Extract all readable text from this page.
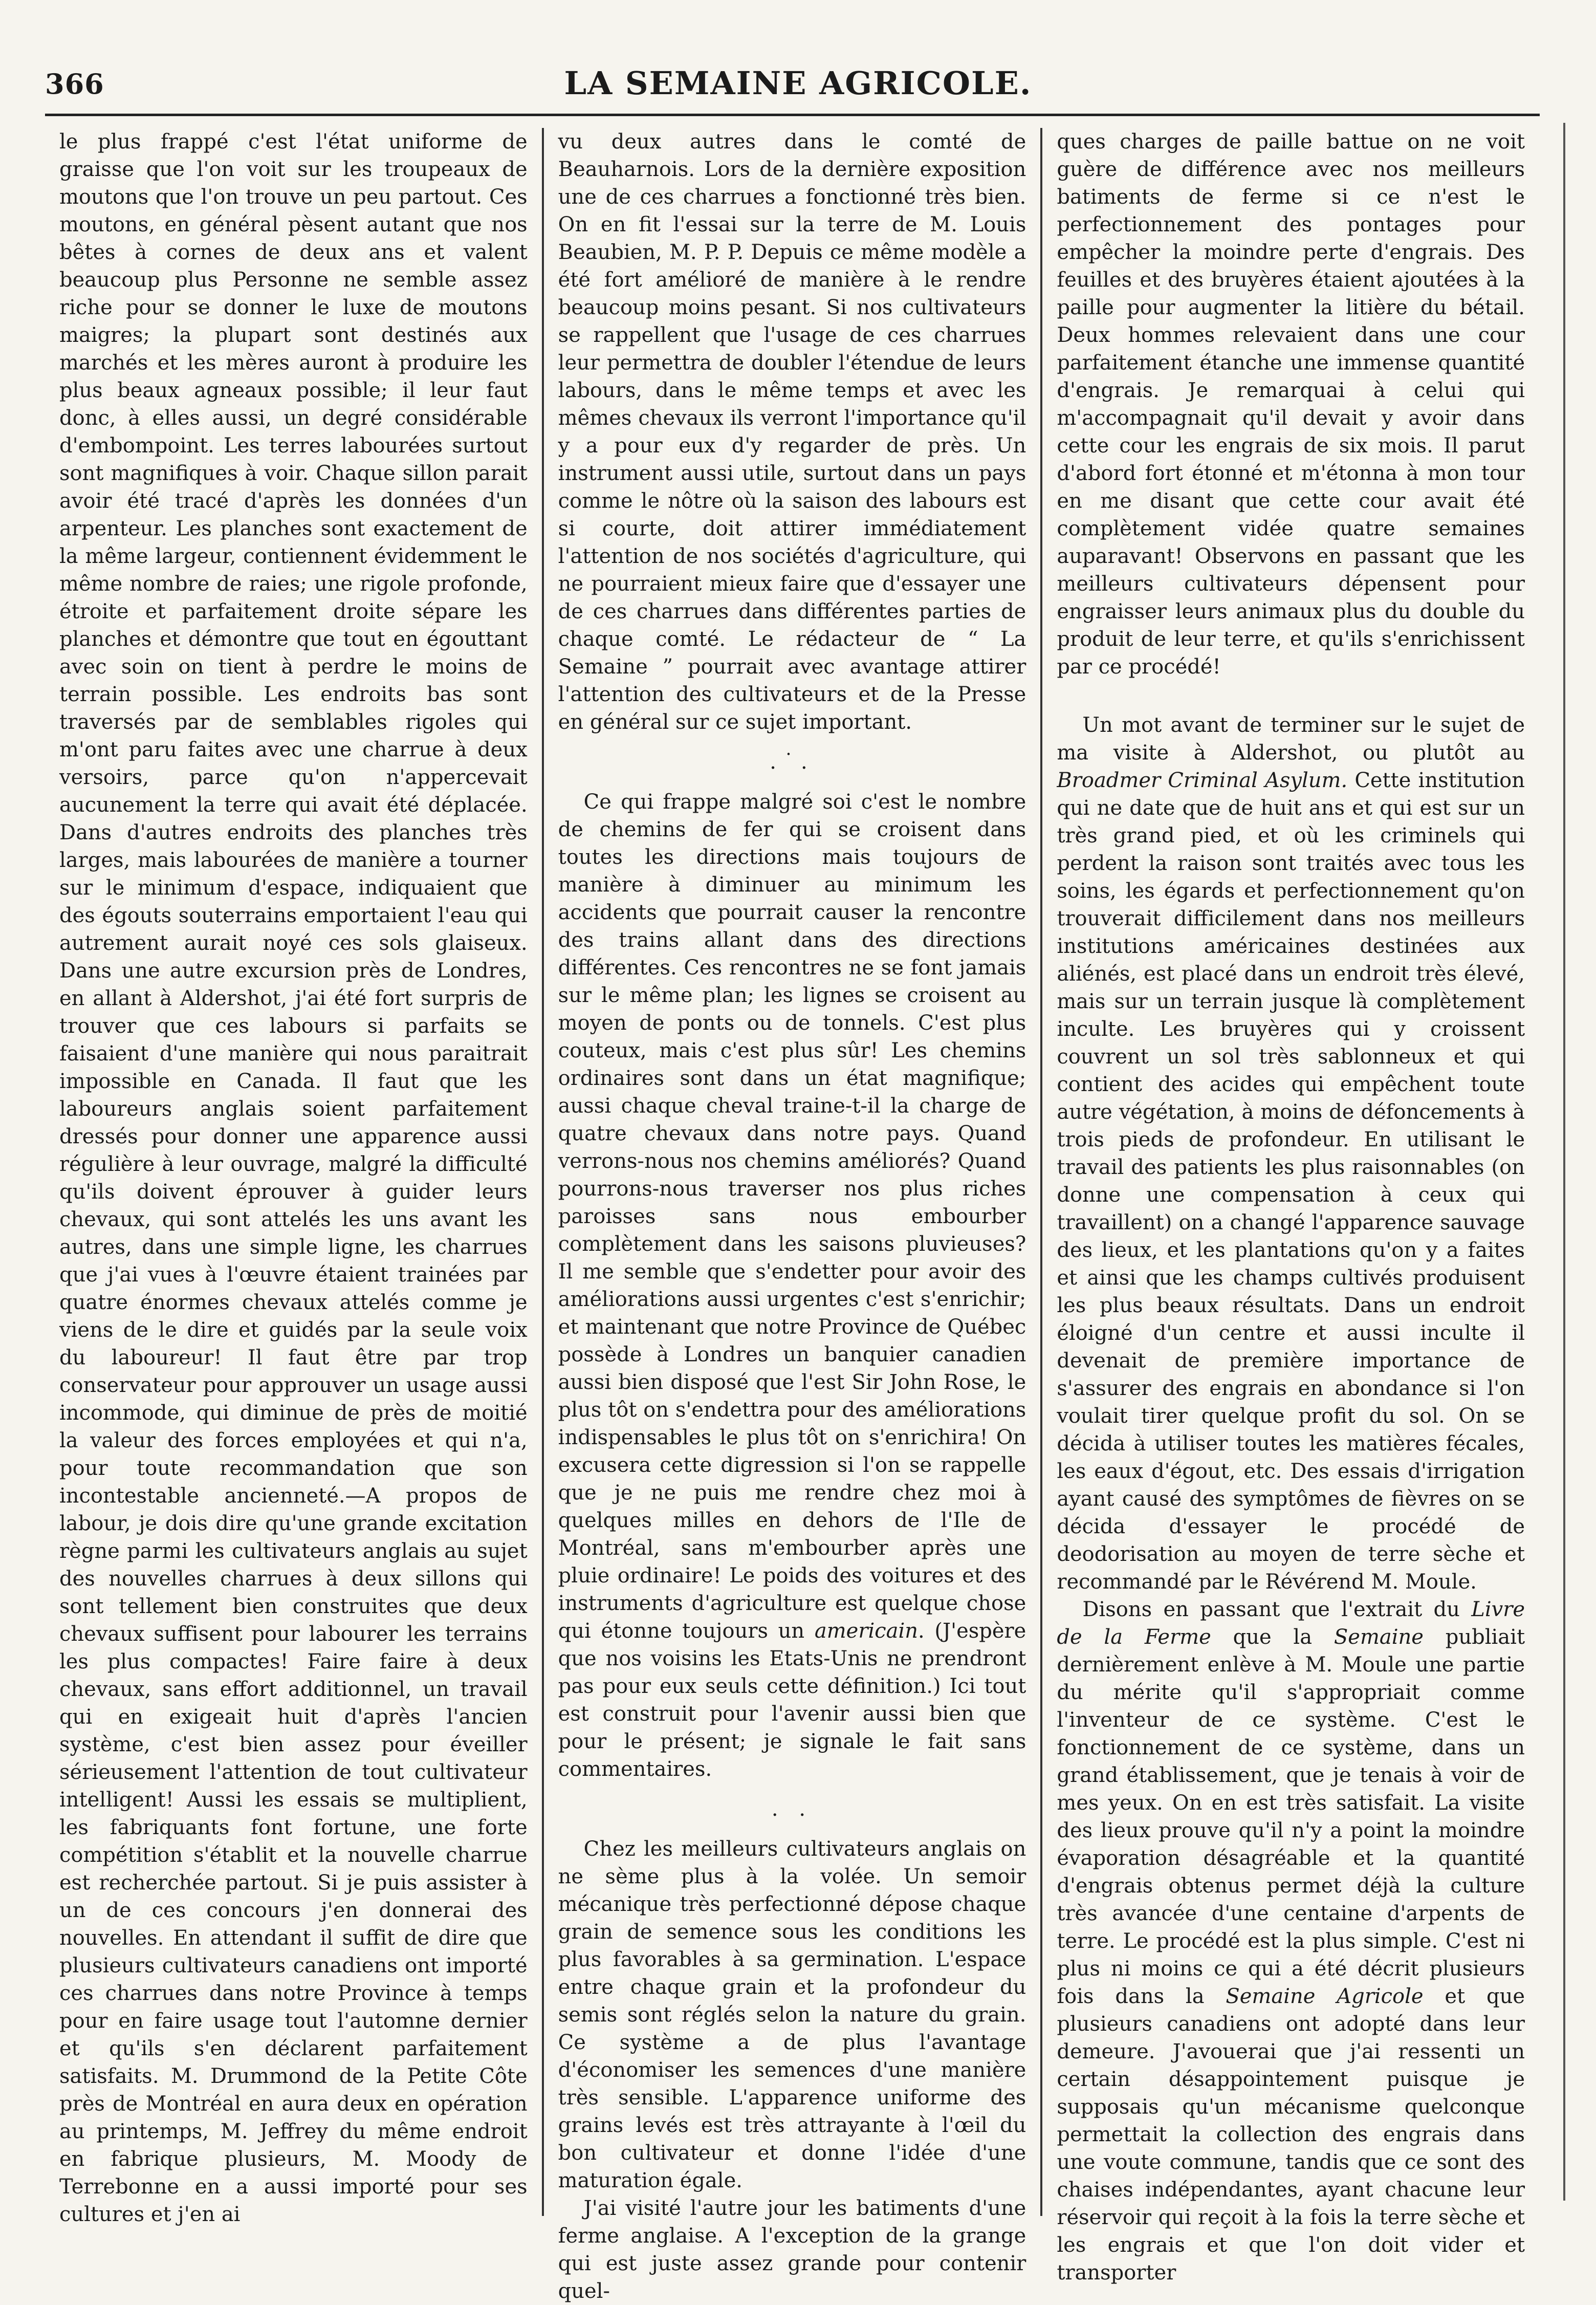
366	LA SEMAINE AGRICOLE.

le plus frappé c'est l'état uniforme de graisse que l'on voit sur les troupeaux de moutons que l'on trouve un peu partout. Ces moutons, en général pèsent autant que nos bêtes à cornes de deux ans et valent beaucoup plus Personne ne semble assez riche pour se donner le luxe de moutons maigres; la plupart sont destinés aux marchés et les mères auront à produire les plus beaux agneaux possible; il leur faut donc, à elles aussi, un degré considérable d'embompoint. Les terres labourées surtout sont magnifiques à voir. Chaque sillon parait avoir été tracé d'après les données d'un arpenteur. Les planches sont exactement de la même largeur, contiennent évidemment le même nombre de raies; une rigole profonde, étroite et parfaitement droite sépare les planches et démontre que tout en égouttant avec soin on tient à perdre le moins de terrain possible. Les endroits bas sont traversés par de semblables rigoles qui m'ont paru faites avec une charrue à deux versoirs, parce qu'on n'appercevait aucunement la terre qui avait été déplacée. Dans d'autres endroits des planches très larges, mais labourées de manière a tourner sur le minimum d'espace, indiquaient que des égouts souterrains emportaient l'eau qui autrement aurait noyé ces sols glaiseux. Dans une autre excursion près de Londres, en allant à Aldershot, j'ai été fort surpris de trouver que ces labours si parfaits se faisaient d'une manière qui nous paraitrait impossible en Canada. Il faut que les laboureurs anglais soient parfaitement dressés pour donner une apparence aussi régulière à leur ouvrage, malgré la difficulté qu'ils doivent éprouver à guider leurs chevaux, qui sont attelés les uns avant les autres, dans une simple ligne, les charrues que j'ai vues à l'œuvre étaient trainées par quatre énormes chevaux attelés comme je viens de le dire et guidés par la seule voix du laboureur! Il faut être par trop conservateur pour approuver un usage aussi incommode, qui diminue de près de moitié la valeur des forces employées et qui n'a, pour toute recommandation que son incontestable ancienneté.—A propos de labour, je dois dire qu'une grande excitation règne parmi les cultivateurs anglais au sujet des nouvelles charrues à deux sillons qui sont tellement bien construites que deux chevaux suffisent pour labourer les terrains les plus compactes! Faire faire à deux chevaux, sans effort additionnel, un travail qui en exigeait huit d'après l'ancien système, c'est bien assez pour éveiller sérieusement l'attention de tout cultivateur intelligent! Aussi les essais se multiplient, les fabriquants font fortune, une forte compétition s'établit et la nouvelle charrue est recherchée partout. Si je puis assister à un de ces concours j'en donnerai des nouvelles. En attendant il suffit de dire que plusieurs cultivateurs canadiens ont importé ces charrues dans notre Province à temps pour en faire usage tout l'automne dernier et qu'ils s'en déclarent parfaitement satisfaits. M. Drummond de la Petite Côte près de Montréal en aura deux en opération au printemps, M. Jeffrey du même endroit en fabrique plusieurs, M. Moody de Terrebonne en a aussi importé pour ses cultures et j'en ai

vu deux autres dans le comté de Beauharnois. Lors de la dernière exposition une de ces charrues a fonctionné très bien. On en fit l'essai sur la terre de M. Louis Beaubien, M. P. P. Depuis ce même modèle a été fort amélioré de manière à le rendre beaucoup moins pesant. Si nos cultivateurs se rappellent que l'usage de ces charrues leur permettra de doubler l'étendue de leurs labours, dans le même temps et avec les mêmes chevaux ils verront l'importance qu'il y a pour eux d'y regarder de près. Un instrument aussi utile, surtout dans un pays comme le nôtre où la saison des labours est si courte, doit attirer immédiatement l'attention de nos sociétés d'agriculture, qui ne pourraient mieux faire que d'essayer une de ces charrues dans différentes parties de chaque comté. Le rédacteur de “ La Semaine ” pourrait avec avantage attirer l'attention des cultivateurs et de la Presse en général sur ce sujet important.

.˙.

Ce qui frappe malgré soi c'est le nombre de chemins de fer qui se croisent dans toutes les directions mais toujours de manière à diminuer au minimum les accidents que pourrait causer la rencontre des trains allant dans des directions différentes. Ces rencontres ne se font jamais sur le même plan; les lignes se croisent au moyen de ponts ou de tonnels. C'est plus couteux, mais c'est plus sûr! Les chemins ordinaires sont dans un état magnifique; aussi chaque cheval traine-t-il la charge de quatre chevaux dans notre pays. Quand verrons-nous nos chemins améliorés? Quand pourrons-nous traverser nos plus riches paroisses sans nous embourber complètement dans les saisons pluvieuses? Il me semble que s'endetter pour avoir des améliorations aussi urgentes c'est s'enrichir; et maintenant que notre Province de Québec possède à Londres un banquier canadien aussi bien disposé que l'est Sir John Rose, le plus tôt on s'endettra pour des améliorations indispensables le plus tôt on s'enrichira! On excusera cette digression si l'on se rappelle que je ne puis me rendre chez moi à quelques milles en dehors de l'Ile de Montréal, sans m'embourber après une pluie ordinaire! Le poids des voitures et des instruments d'agriculture est quelque chose qui étonne toujours un americain. (J'espère que nos voisins les Etats-Unis ne prendront pas pour eux seuls cette définition.) Ici tout est construit pour l'avenir aussi bien que pour le présent; je signale le fait sans commentaires.

. .

Chez les meilleurs cultivateurs anglais on ne sème plus à la volée. Un semoir mécanique très perfectionné dépose chaque grain de semence sous les conditions les plus favorables à sa germination. L'espace entre chaque grain et la profondeur du semis sont réglés selon la nature du grain. Ce système a de plus l'avantage d'économiser les semences d'une manière très sensible. L'apparence uniforme des grains levés est très attrayante à l'œil du bon cultivateur et donne l'idée d'une maturation égale.

J'ai visité l'autre jour les batiments d'une ferme anglaise. A l'exception de la grange qui est juste assez grande pour contenir quel-

ques charges de paille battue on ne voit guère de différence avec nos meilleurs batiments de ferme si ce n'est le perfectionnement des pontages pour empêcher la moindre perte d'engrais. Des feuilles et des bruyères étaient ajoutées à la paille pour augmenter la litière du bétail. Deux hommes relevaient dans une cour parfaitement étanche une immense quantité d'engrais. Je remarquai à celui qui m'accompagnait qu'il devait y avoir dans cette cour les engrais de six mois. Il parut d'abord fort étonné et m'étonna à mon tour en me disant que cette cour avait été complètement vidée quatre semaines auparavant! Observons en passant que les meilleurs cultivateurs dépensent pour engraisser leurs animaux plus du double du produit de leur terre, et qu'ils s'enrichissent par ce procédé!

Un mot avant de terminer sur le sujet de ma visite à Aldershot, ou plutôt au Broadmer Criminal Asylum. Cette institution qui ne date que de huit ans et qui est sur un très grand pied, et où les criminels qui perdent la raison sont traités avec tous les soins, les égards et perfectionnement qu'on trouverait difficilement dans nos meilleurs institutions américaines destinées aux aliénés, est placé dans un endroit très élevé, mais sur un terrain jusque là complètement inculte. Les bruyères qui y croissent couvrent un sol très sablonneux et qui contient des acides qui empêchent toute autre végétation, à moins de défoncements à trois pieds de profondeur. En utilisant le travail des patients les plus raisonnables (on donne une compensation à ceux qui travaillent) on a changé l'apparence sauvage des lieux, et les plantations qu'on y a faites et ainsi que les champs cultivés produisent les plus beaux résultats. Dans un endroit éloigné d'un centre et aussi inculte il devenait de première importance de s'assurer des engrais en abondance si l'on voulait tirer quelque profit du sol. On se décida à utiliser toutes les matières fécales, les eaux d'égout, etc. Des essais d'irrigation ayant causé des symptômes de fièvres on se décida d'essayer le procédé de deodorisation au moyen de terre sèche et recommandé par le Révérend M. Moule.

Disons en passant que l'extrait du Livre de la Ferme que la Semaine publiait dernièrement enlève à M. Moule une partie du mérite qu'il s'appropriait comme l'inventeur de ce système. C'est le fonctionnement de ce système, dans un grand établissement, que je tenais à voir de mes yeux. On en est très satisfait. La visite des lieux prouve qu'il n'y a point la moindre évaporation désagréable et la quantité d'engrais obtenus permet déjà la culture très avancée d'une centaine d'arpents de terre. Le procédé est la plus simple. C'est ni plus ni moins ce qui a été décrit plusieurs fois dans la Semaine Agricole et que plusieurs canadiens ont adopté dans leur demeure. J'avouerai que j'ai ressenti un certain désappointement puisque je supposais qu'un mécanisme quelconque permettait la collection des engrais dans une voute commune, tandis que ce sont des chaises indépendantes, ayant chacune leur réservoir qui reçoit à la fois la terre sèche et les engrais et que l'on doit vider et transporter
